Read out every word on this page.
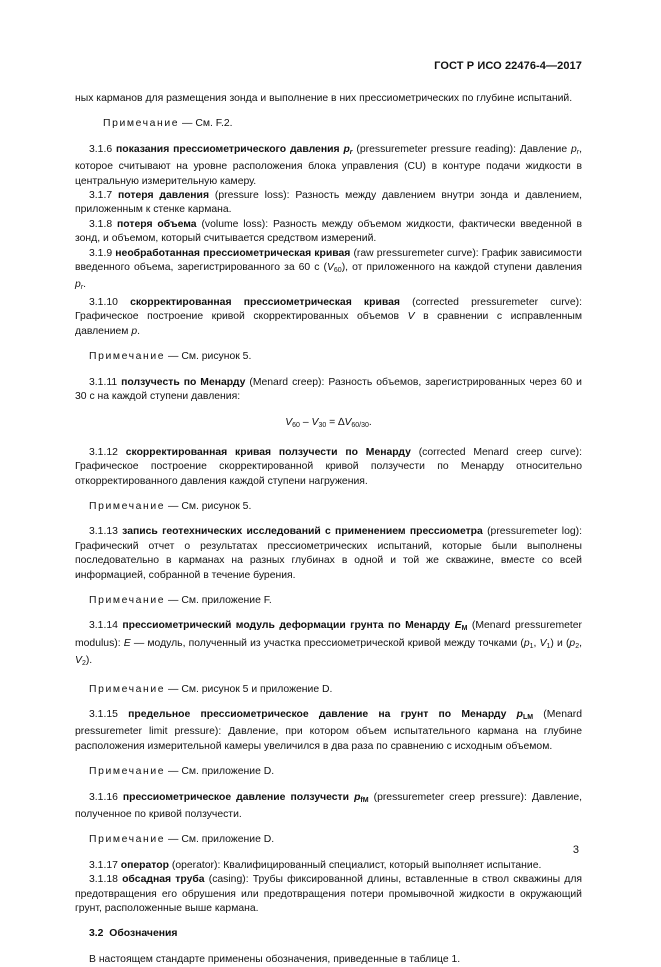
ГОСТ Р ИСО 22476-4—2017

ных карманов для размещения зонда и выполнение в них прессиометрических по глубине испытаний.

Примечание — См. F.2.

3.1.6 показания прессиометрического давления $p_r$ (pressuremeter pressure reading): Давление $p_r$, которое считывают на уровне расположения блока управления (CU) в контуре подачи жидкости в центральную измерительную камеру.

3.1.7 потеря давления (pressure loss): Разность между давлением внутри зонда и давлением, приложенным к стенке кармана.

3.1.8 потеря объема (volume loss): Разность между объемом жидкости, фактически введенной в зонд, и объемом, который считывается средством измерений.

3.1.9 необработанная прессиометрическая кривая (raw pressuremeter curve): График зависимости введенного объема, зарегистрированного за 60 с $(V_{60})$, от приложенного на каждой ступени давления $p_r$.

3.1.10 скорректированная прессиометрическая кривая (corrected pressuremeter curve): Графическое построение кривой скорректированных объемов V в сравнении с исправленным давлением p.

Примечание — См. рисунок 5.

3.1.11 ползучесть по Менарду (Menard creep): Разность объемов, зарегистрированных через 60 и 30 с на каждой ступени давления:

$V_{60} - V_{30} = \Delta V_{60/30}$.

3.1.12 скорректированная кривая ползучести по Менарду (corrected Menard creep curve): Графическое построение скорректированной кривой ползучести по Менарду относительно откорректированного давления каждой ступени нагружения.

Примечание — См. рисунок 5.

3.1.13 запись геотехнических исследований с применением прессиометра (pressuremeter log): Графический отчет о результатах прессиометрических испытаний, которые были выполнены последовательно в карманах на разных глубинах в одной и той же скважине, вместе со всей информацией, собранной в течение бурения.

Примечание — См. приложение F.

3.1.14 прессиометрический модуль деформации грунта по Менарду $E_M$ (Menard pressuremeter modulus): E — модуль, полученный из участка прессиометрической кривой между точками ($p_1$, $V_1$) и ($p_2$, $V_2$).

Примечание — См. рисунок 5 и приложение D.

3.1.15 предельное прессиометрическое давление на грунт по Менарду $p_{LM}$ (Menard pressuremeter limit pressure): Давление, при котором объем испытательного кармана на глубине расположения измерительной камеры увеличился в два раза по сравнению с исходным объемом.

Примечание — См. приложение D.

3.1.16 прессиометрическое давление ползучести $p_{fM}$ (pressuremeter creep pressure): Давление, полученное по кривой ползучести.

Примечание — См. приложение D.

3.1.17 оператор (operator): Квалифицированный специалист, который выполняет испытание.

3.1.18 обсадная труба (casing): Трубы фиксированной длины, вставленные в ствол скважины для предотвращения его обрушения или предотвращения потери промывочной жидкости в окружающий грунт, расположенные выше кармана.

3.2 Обозначения

В настоящем стандарте применены обозначения, приведенные в таблице 1.

3
